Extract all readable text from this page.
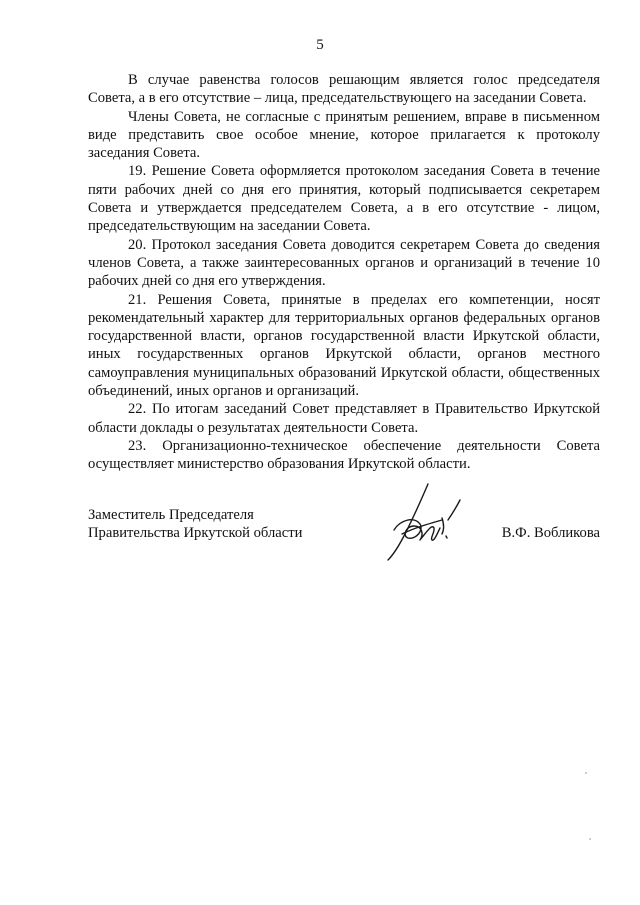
5

В случае равенства голосов решающим является голос председателя Совета, а в его отсутствие – лица, председательствующего на заседании Совета.

Члены Совета, не согласные с принятым решением, вправе в письменном виде представить свое особое мнение, которое прилагается к протоколу заседания Совета.

19. Решение Совета оформляется протоколом заседания Совета в течение пяти рабочих дней со дня его принятия, который подписывается секретарем Совета и утверждается председателем Совета, а в его отсутствие - лицом, председательствующим на заседании Совета.

20. Протокол заседания Совета доводится секретарем Совета до сведения членов Совета, а также заинтересованных органов и организаций в течение 10 рабочих дней со дня его утверждения.

21. Решения Совета, принятые в пределах его компетенции, носят рекомендательный характер для территориальных органов федеральных органов государственной власти, органов государственной власти Иркутской области, иных государственных органов Иркутской области, органов местного самоуправления муниципальных образований Иркутской области, общественных объединений, иных органов и организаций.

22. По итогам заседаний Совет представляет в Правительство Иркутской области доклады о результатах деятельности Совета.

23. Организационно-техническое обеспечение деятельности Совета осуществляет министерство образования Иркутской области.

Заместитель Председателя
Правительства Иркутской области	В.Ф. Вобликова
